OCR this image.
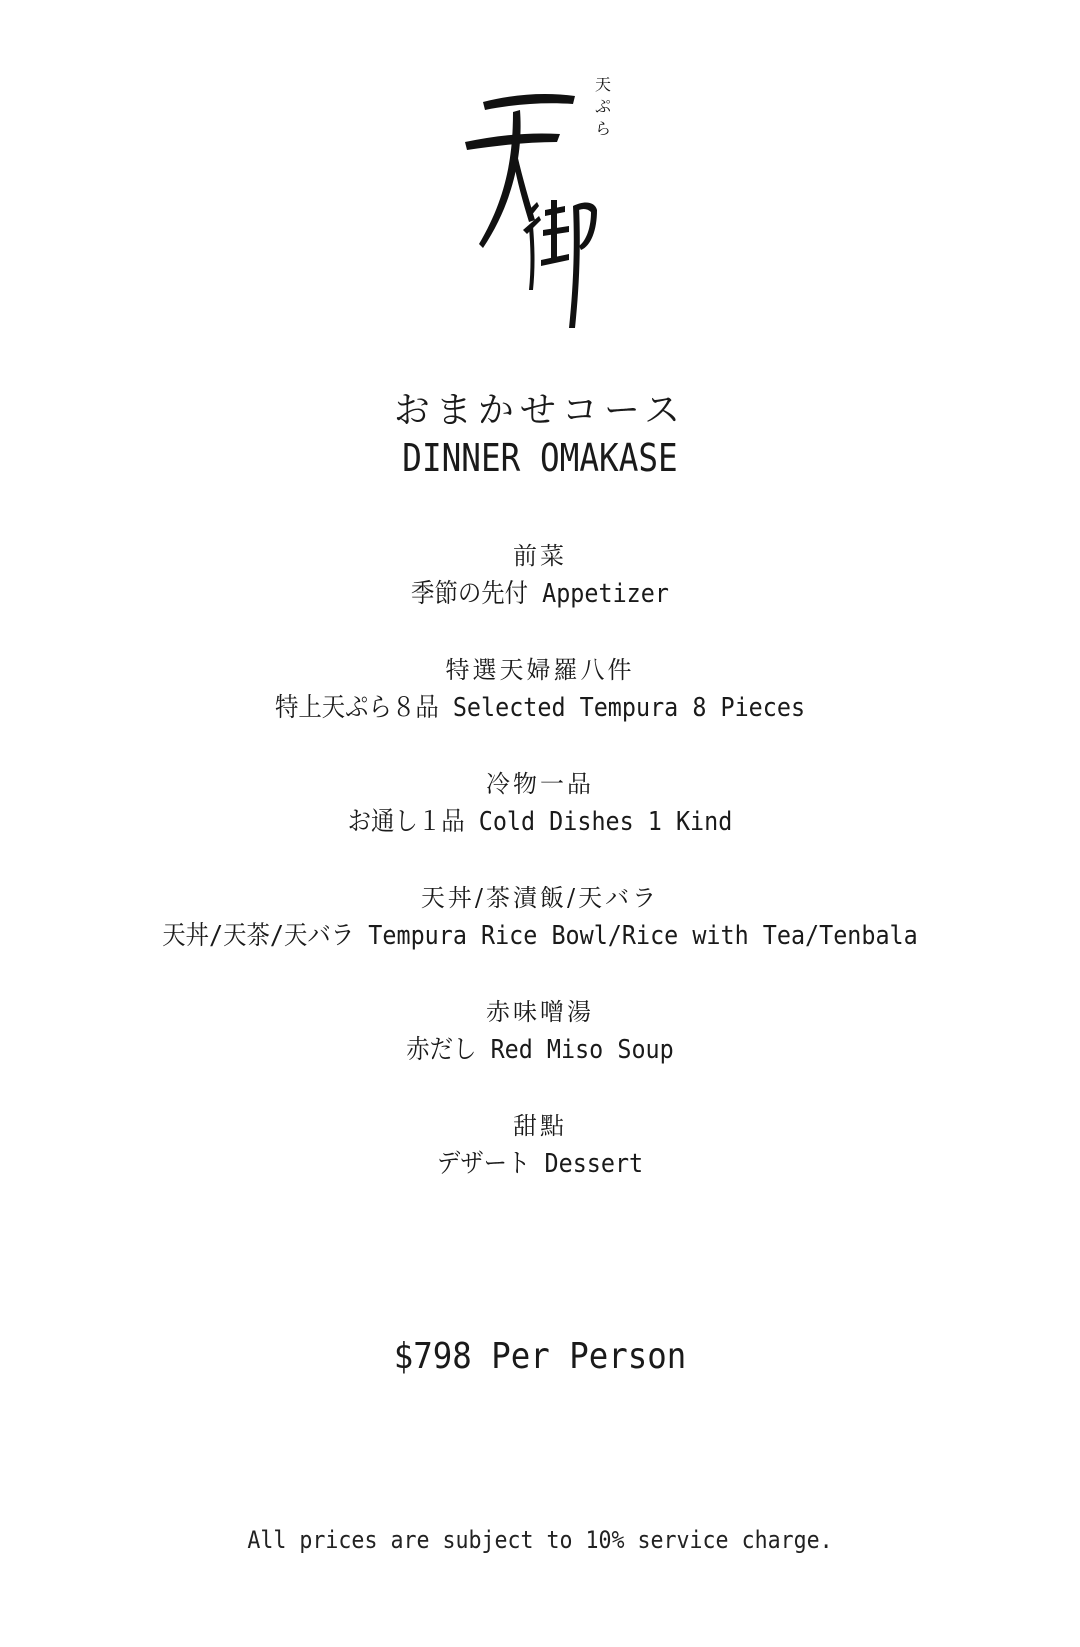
天
ぷ
ら
おまかせコース
DINNER OMAKASE
前菜
季節の先付 Appetizer
特選天婦羅八件
特上天ぷら８品 Selected Tempura 8 Pieces
冷物一品
お通し１品 Cold Dishes 1 Kind
天丼/茶漬飯/天バラ
天丼/天茶/天バラ Tempura Rice Bowl/Rice with Tea/Tenbala
赤味噌湯
赤だし Red Miso Soup
甜點
デザート Dessert
$798 Per Person
All prices are subject to 10% service charge.
